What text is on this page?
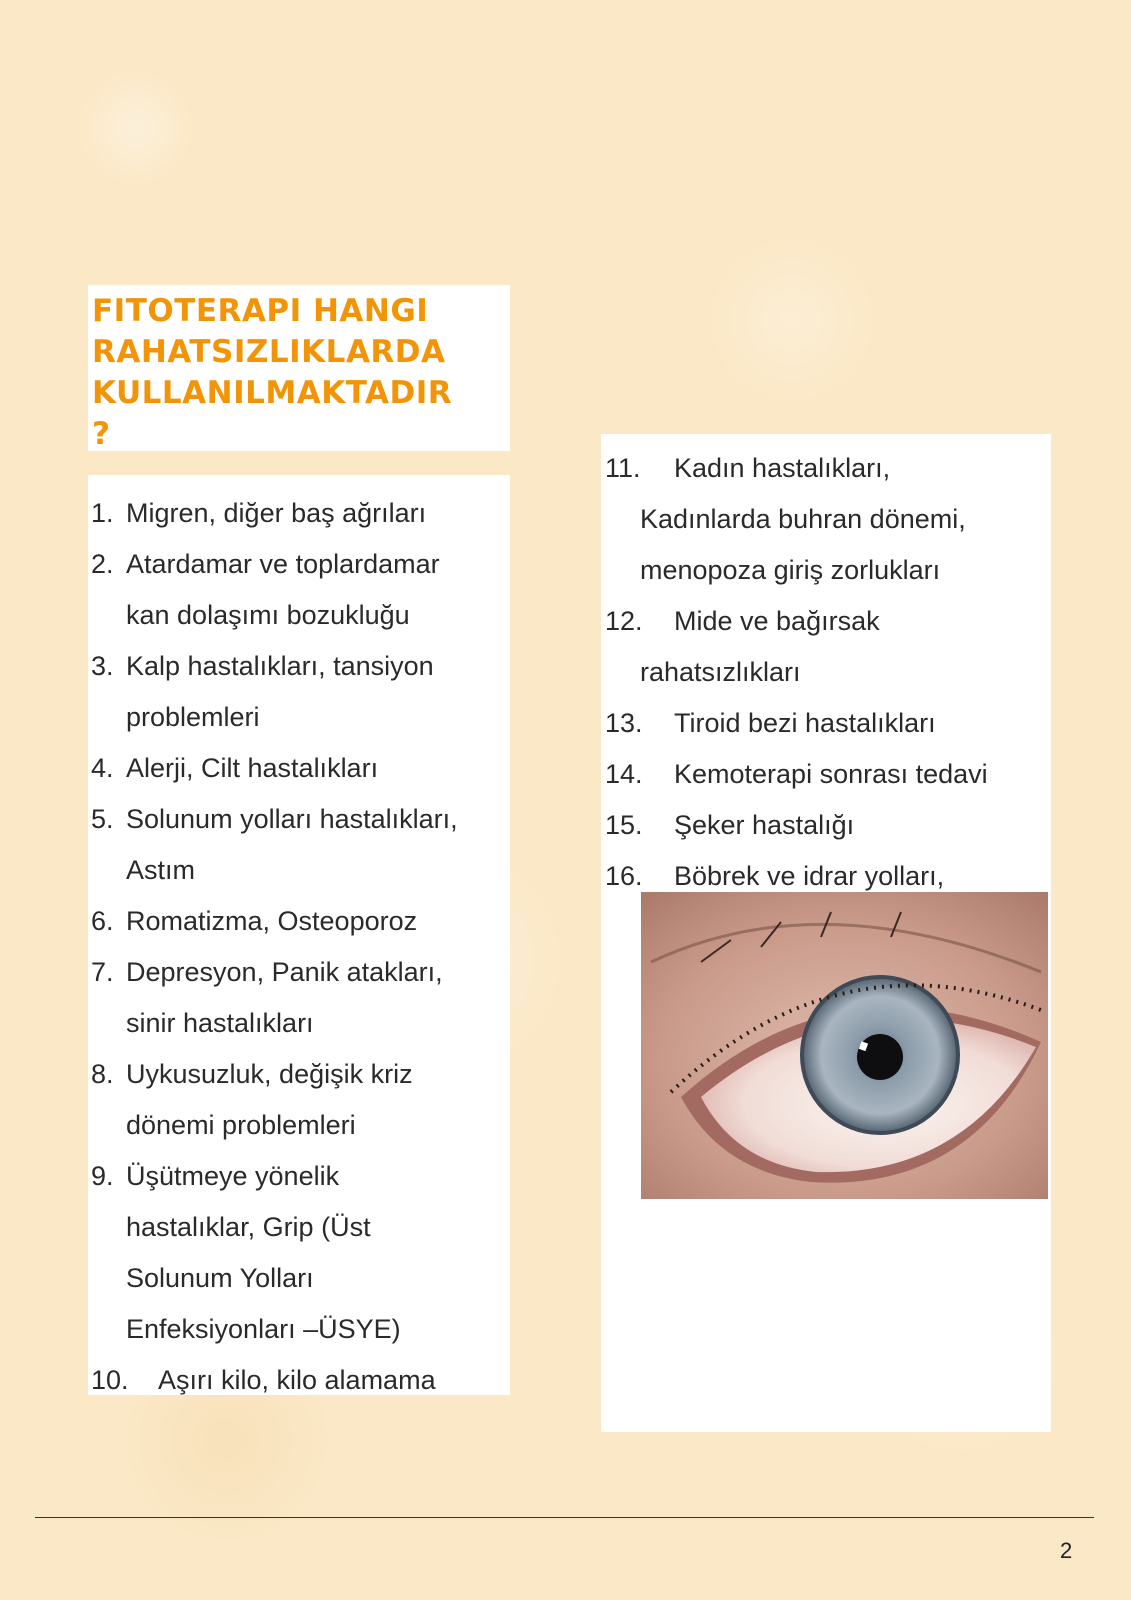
FITOTERAPI HANGI
RAHATSIZLIKLARDA
KULLANILMAKTADIR
?
1. Migren, diğer baş ağrıları
2. Atardamar ve toplardamar
kan dolaşımı bozukluğu
3. Kalp hastalıkları, tansiyon
problemleri
4. Alerji, Cilt hastalıkları
5. Solunum yolları hastalıkları,
Astım
6. Romatizma, Osteoporoz
7. Depresyon, Panik atakları,
sinir hastalıkları
8. Uykusuzluk, değişik kriz
dönemi problemleri
9. Üşütmeye yönelik
hastalıklar, Grip (Üst
Solunum Yolları
Enfeksiyonları –ÜSYE)
10. Aşırı kilo, kilo alamama
11. Kadın hastalıkları,
Kadınlarda buhran dönemi,
menopoza giriş zorlukları
12. Mide ve bağırsak
rahatsızlıkları
13. Tiroid bezi hastalıkları
14. Kemoterapi sonrası tedavi
15. Şeker hastalığı
16. Böbrek ve idrar yolları,
2
